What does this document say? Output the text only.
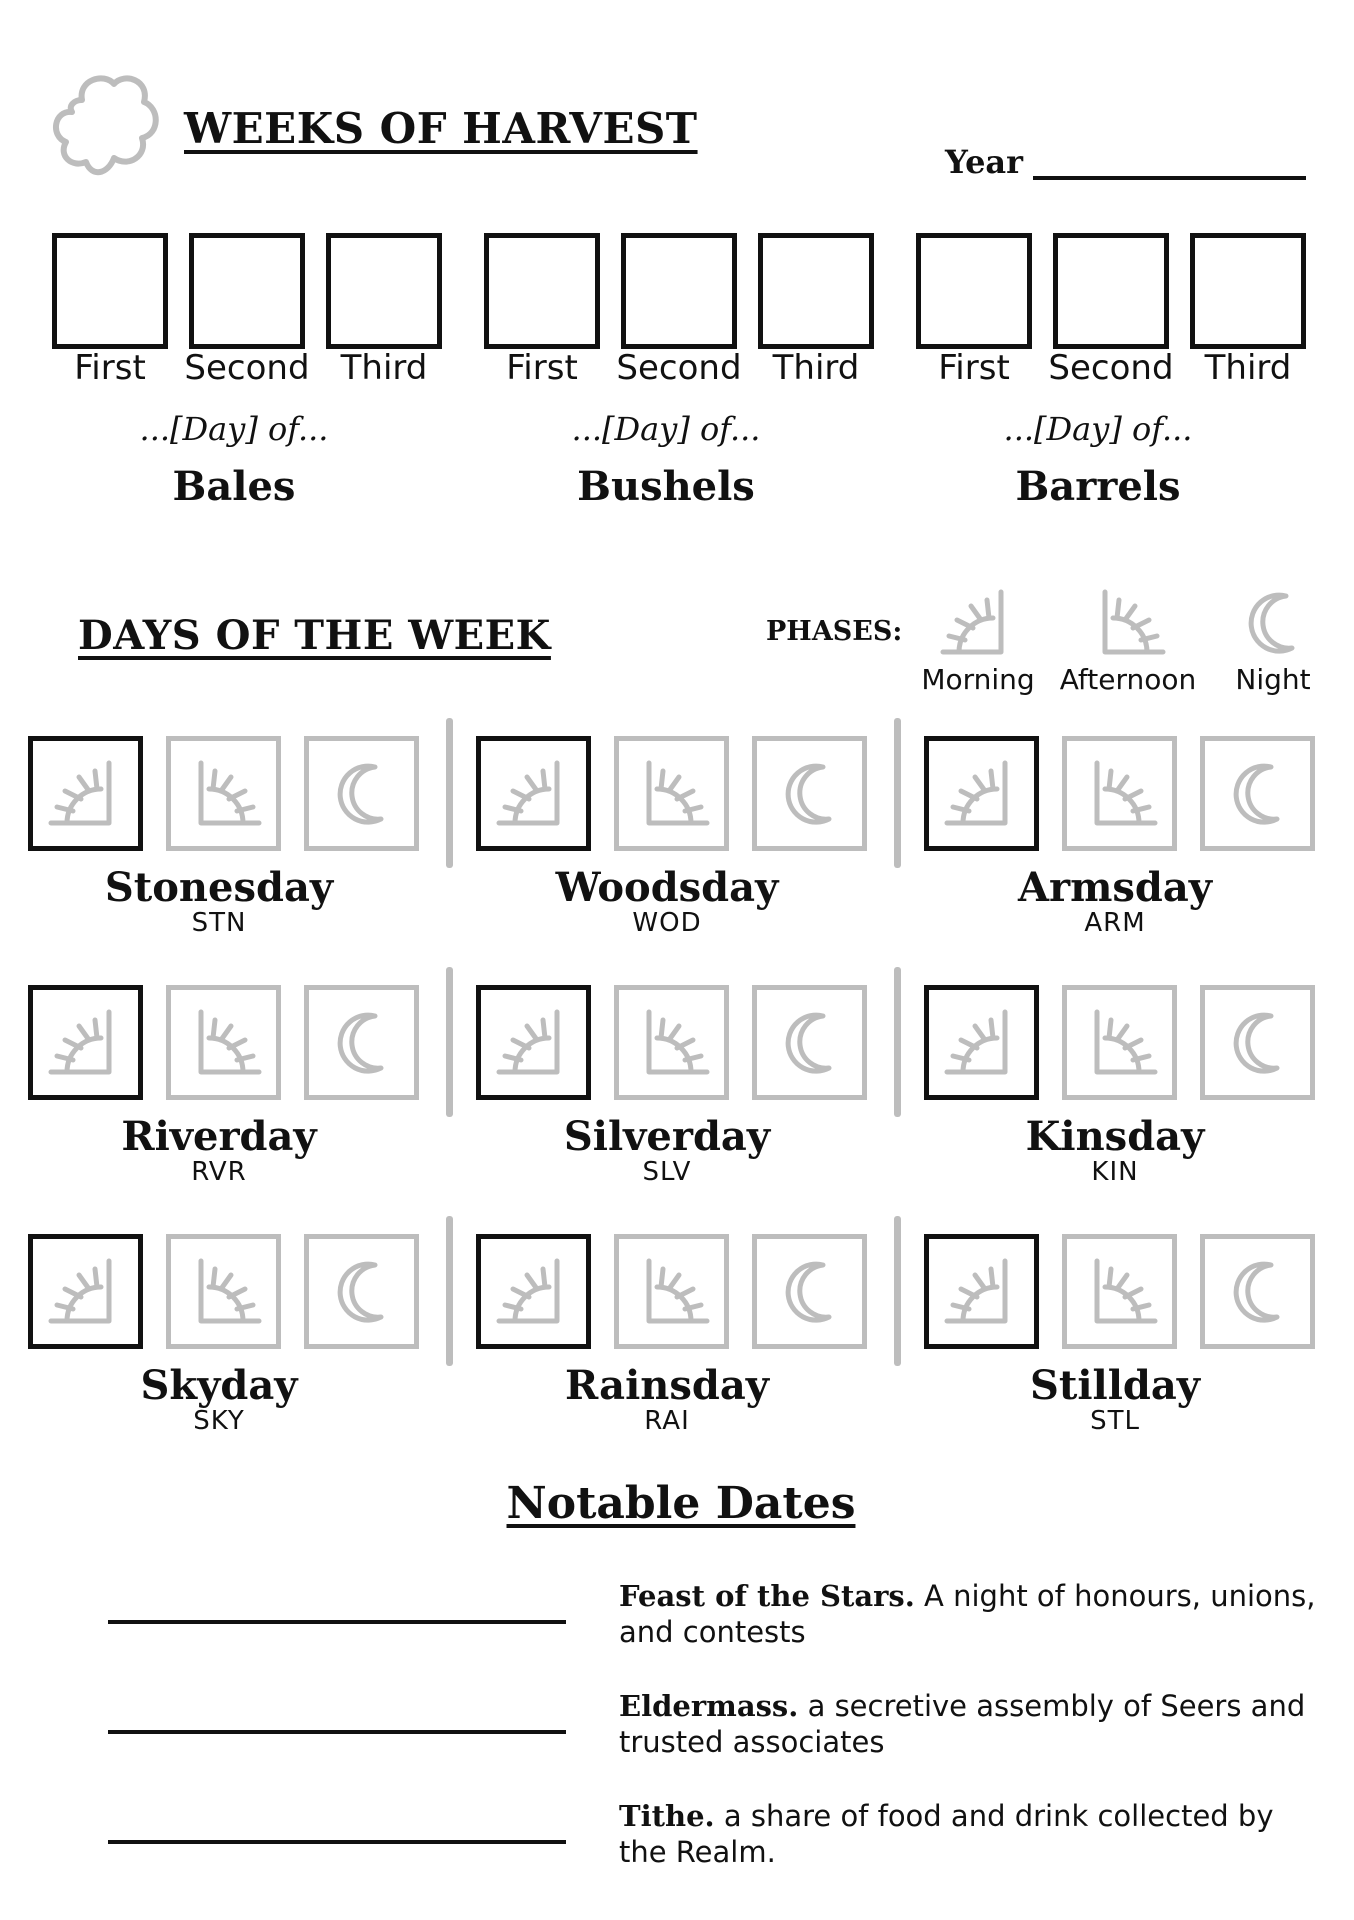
WEEKS OF HARVEST
Year
First	Second Third
...[Day] of...
Bales
First	Second Third
...[Day] of...
Bushels
First	Second Third
...[Day] of...
Barrels
DAYS OF THE WEEK	PHASES:
Morning Afternoon	Night
Stonesday
STN
Woodsday
WOD
Armsday
ARM
Riverday
RVR
Silverday
SLV
Kinsday
KIN
Skyday
SKY
Rainsday
RAI
Stillday
STL
Notable Dates
Feast of the Stars. A night of honours, unions, and contests
Eldermass. a secretive assembly of Seers and trusted associates
Tithe. a share of food and drink collected by the Realm.
